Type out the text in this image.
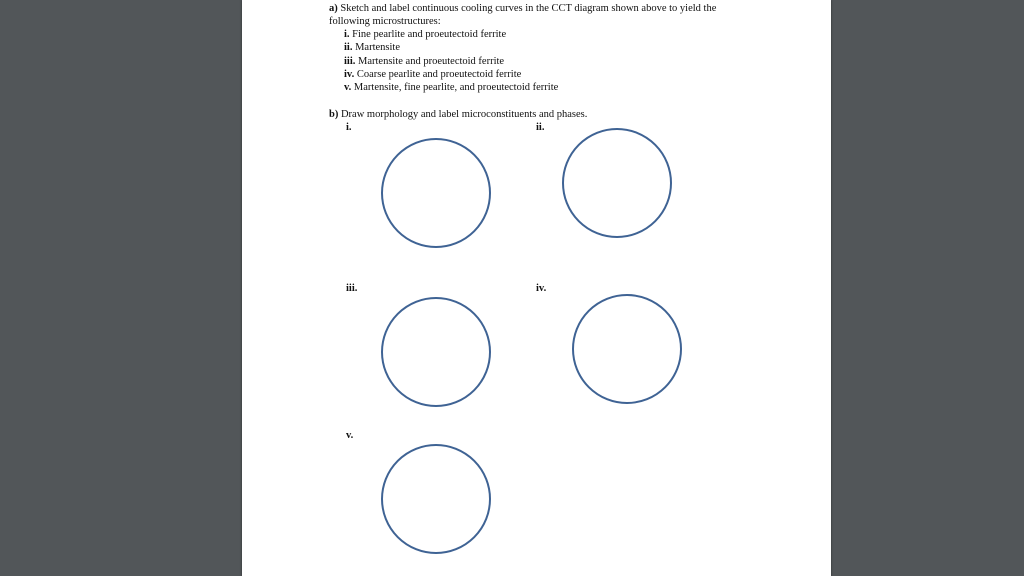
a) Sketch and label continuous cooling curves in the CCT diagram shown above to yield the
following microstructures:
i. Fine pearlite and proeutectoid ferrite
ii. Martensite
iii. Martensite and proeutectoid ferrite
iv. Coarse pearlite and proeutectoid ferrite
v. Martensite, fine pearlite, and proeutectoid ferrite
b) Draw morphology and label microconstituents and phases.
i.	ii.
iii.	iv.
v.
